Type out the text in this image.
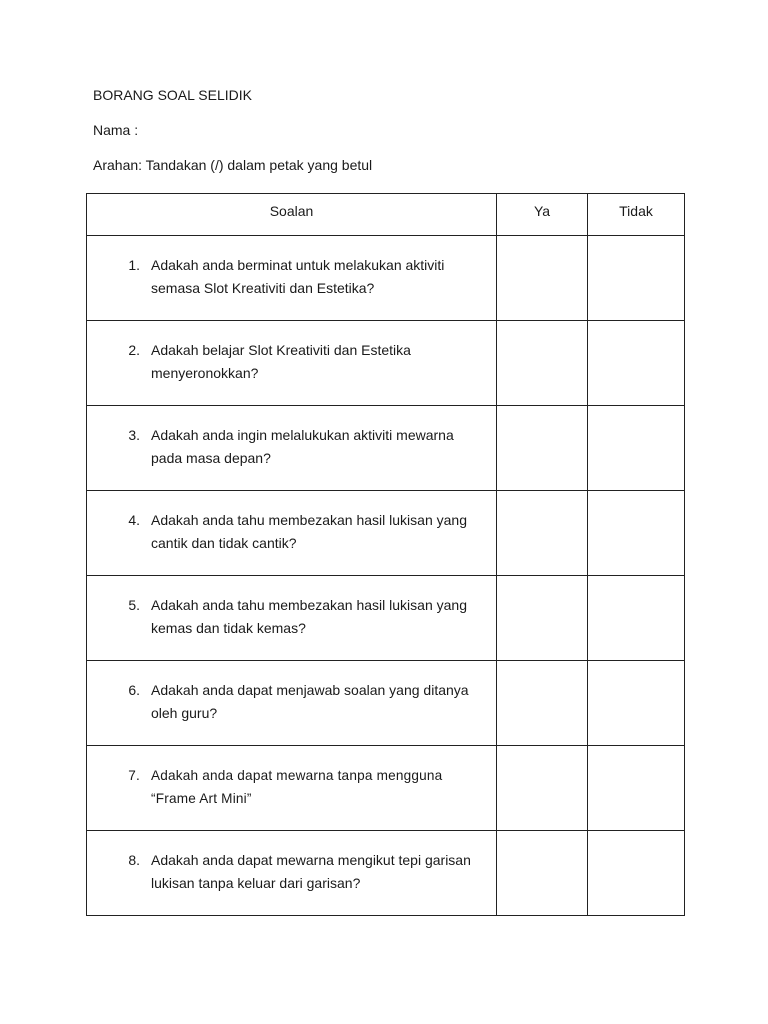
BORANG SOAL SELIDIK
Nama :
Arahan: Tandakan (/) dalam petak yang betul
Soalan	Ya	Tidak

1. Adakah anda berminat untuk melakukan aktiviti semasa Slot Kreativiti dan Estetika?		

2. Adakah belajar Slot Kreativiti dan Estetika menyeronokkan?		

3. Adakah anda ingin melalukukan aktiviti mewarna pada masa depan?		

4. Adakah anda tahu membezakan hasil lukisan yang cantik dan tidak cantik?		

5. Adakah anda tahu membezakan hasil lukisan yang kemas dan tidak kemas?		

6. Adakah anda dapat menjawab soalan yang ditanya oleh guru?		

7. Adakah anda dapat mewarna tanpa mengguna “Frame Art Mini”		

8. Adakah anda dapat mewarna mengikut tepi garisan lukisan tanpa keluar dari garisan?		
